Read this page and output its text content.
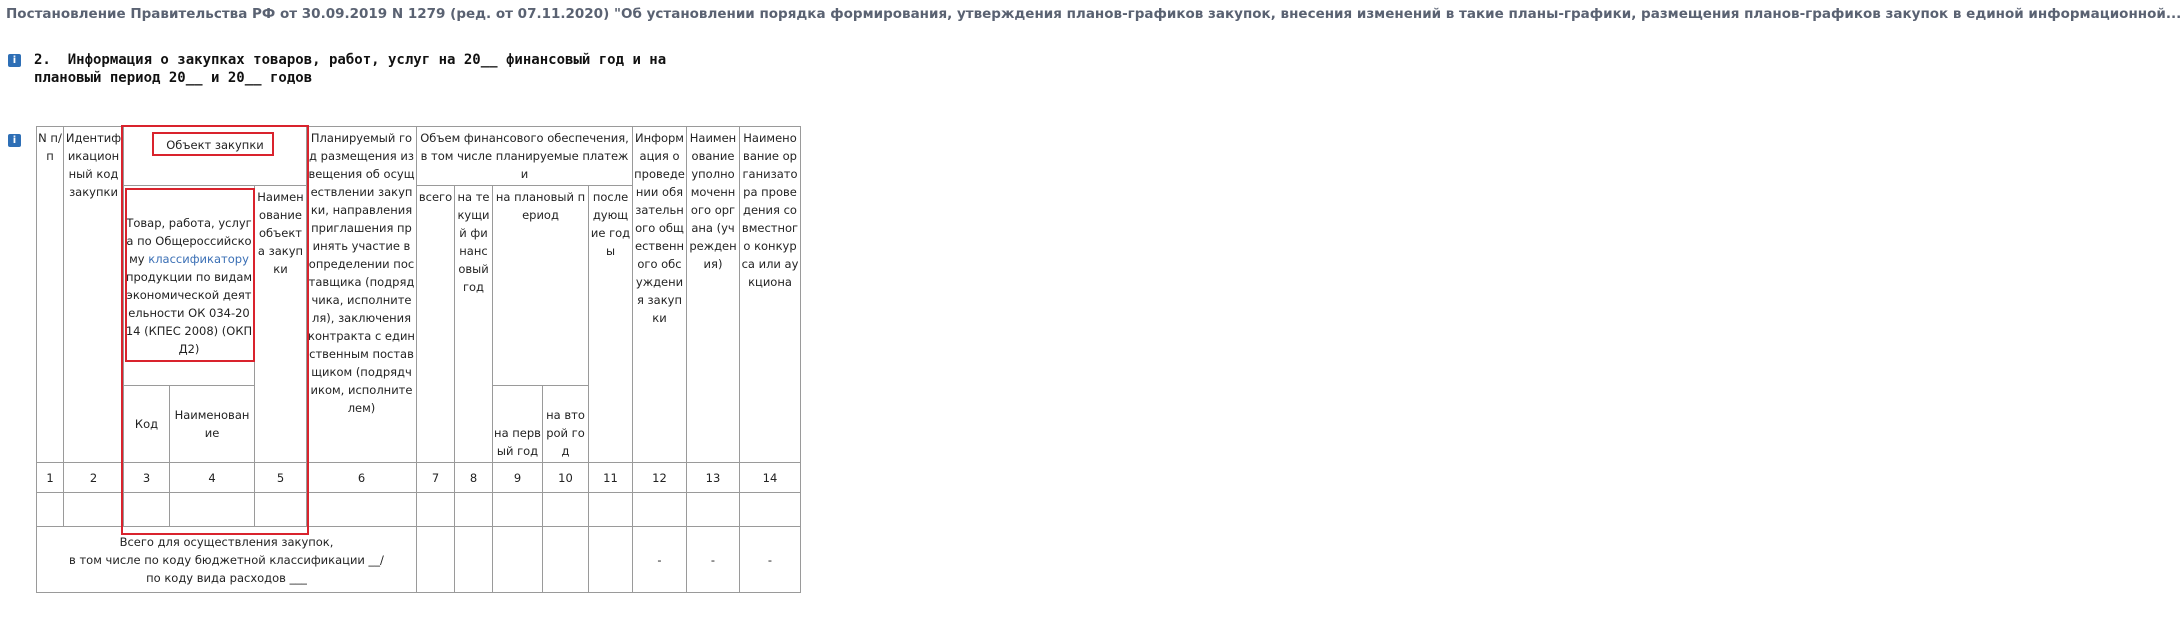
Постановление Правительства РФ от 30.09.2019 N 1279 (ред. от 07.11.2020) "Об установлении порядка формирования, утверждения планов-графиков закупок, внесения изменений в такие планы-графики, размещения планов-графиков закупок в единой информационной...
i	2.  Информация о закупках товаров, работ, услуг на 20__ финансовый год и на
плановый период 20__ и 20__ годов
i	N п/п	Идентификационный код закупки	Объект закупки			Планируемый год размещения извещения об осуществлении закупки, направления приглашения принять участие в определении поставщика (подрядчика, исполнителя), заключения контракта с единственным поставщиком (подрядчиком, исполнителем)	Объем финансового обеспечения, в том числе планируемые платежи					Информация о проведении обязательного общественного обсуждения закупки	Наименование уполномоченного органа (учреждения)	Наименование организатора проведения совместного конкурса или аукциона
		Товар, работа, услуга по Общероссийскому классификатору продукции по видам экономической деятельности ОК 034-2014 (КПЕС 2008) (ОКПД2)		Наименование объекта закупки		всего	на текущий финансовый год	на плановый период		последующие годы			

		Код	Наименование					на первый год	на второй год				
1	2	3	4	5	6	7	8	9	10	11	12	13	14

Всего для осуществления закупок,
в том числе по коду бюджетной классификации __/
по коду вида расходов ___											-	-	-
